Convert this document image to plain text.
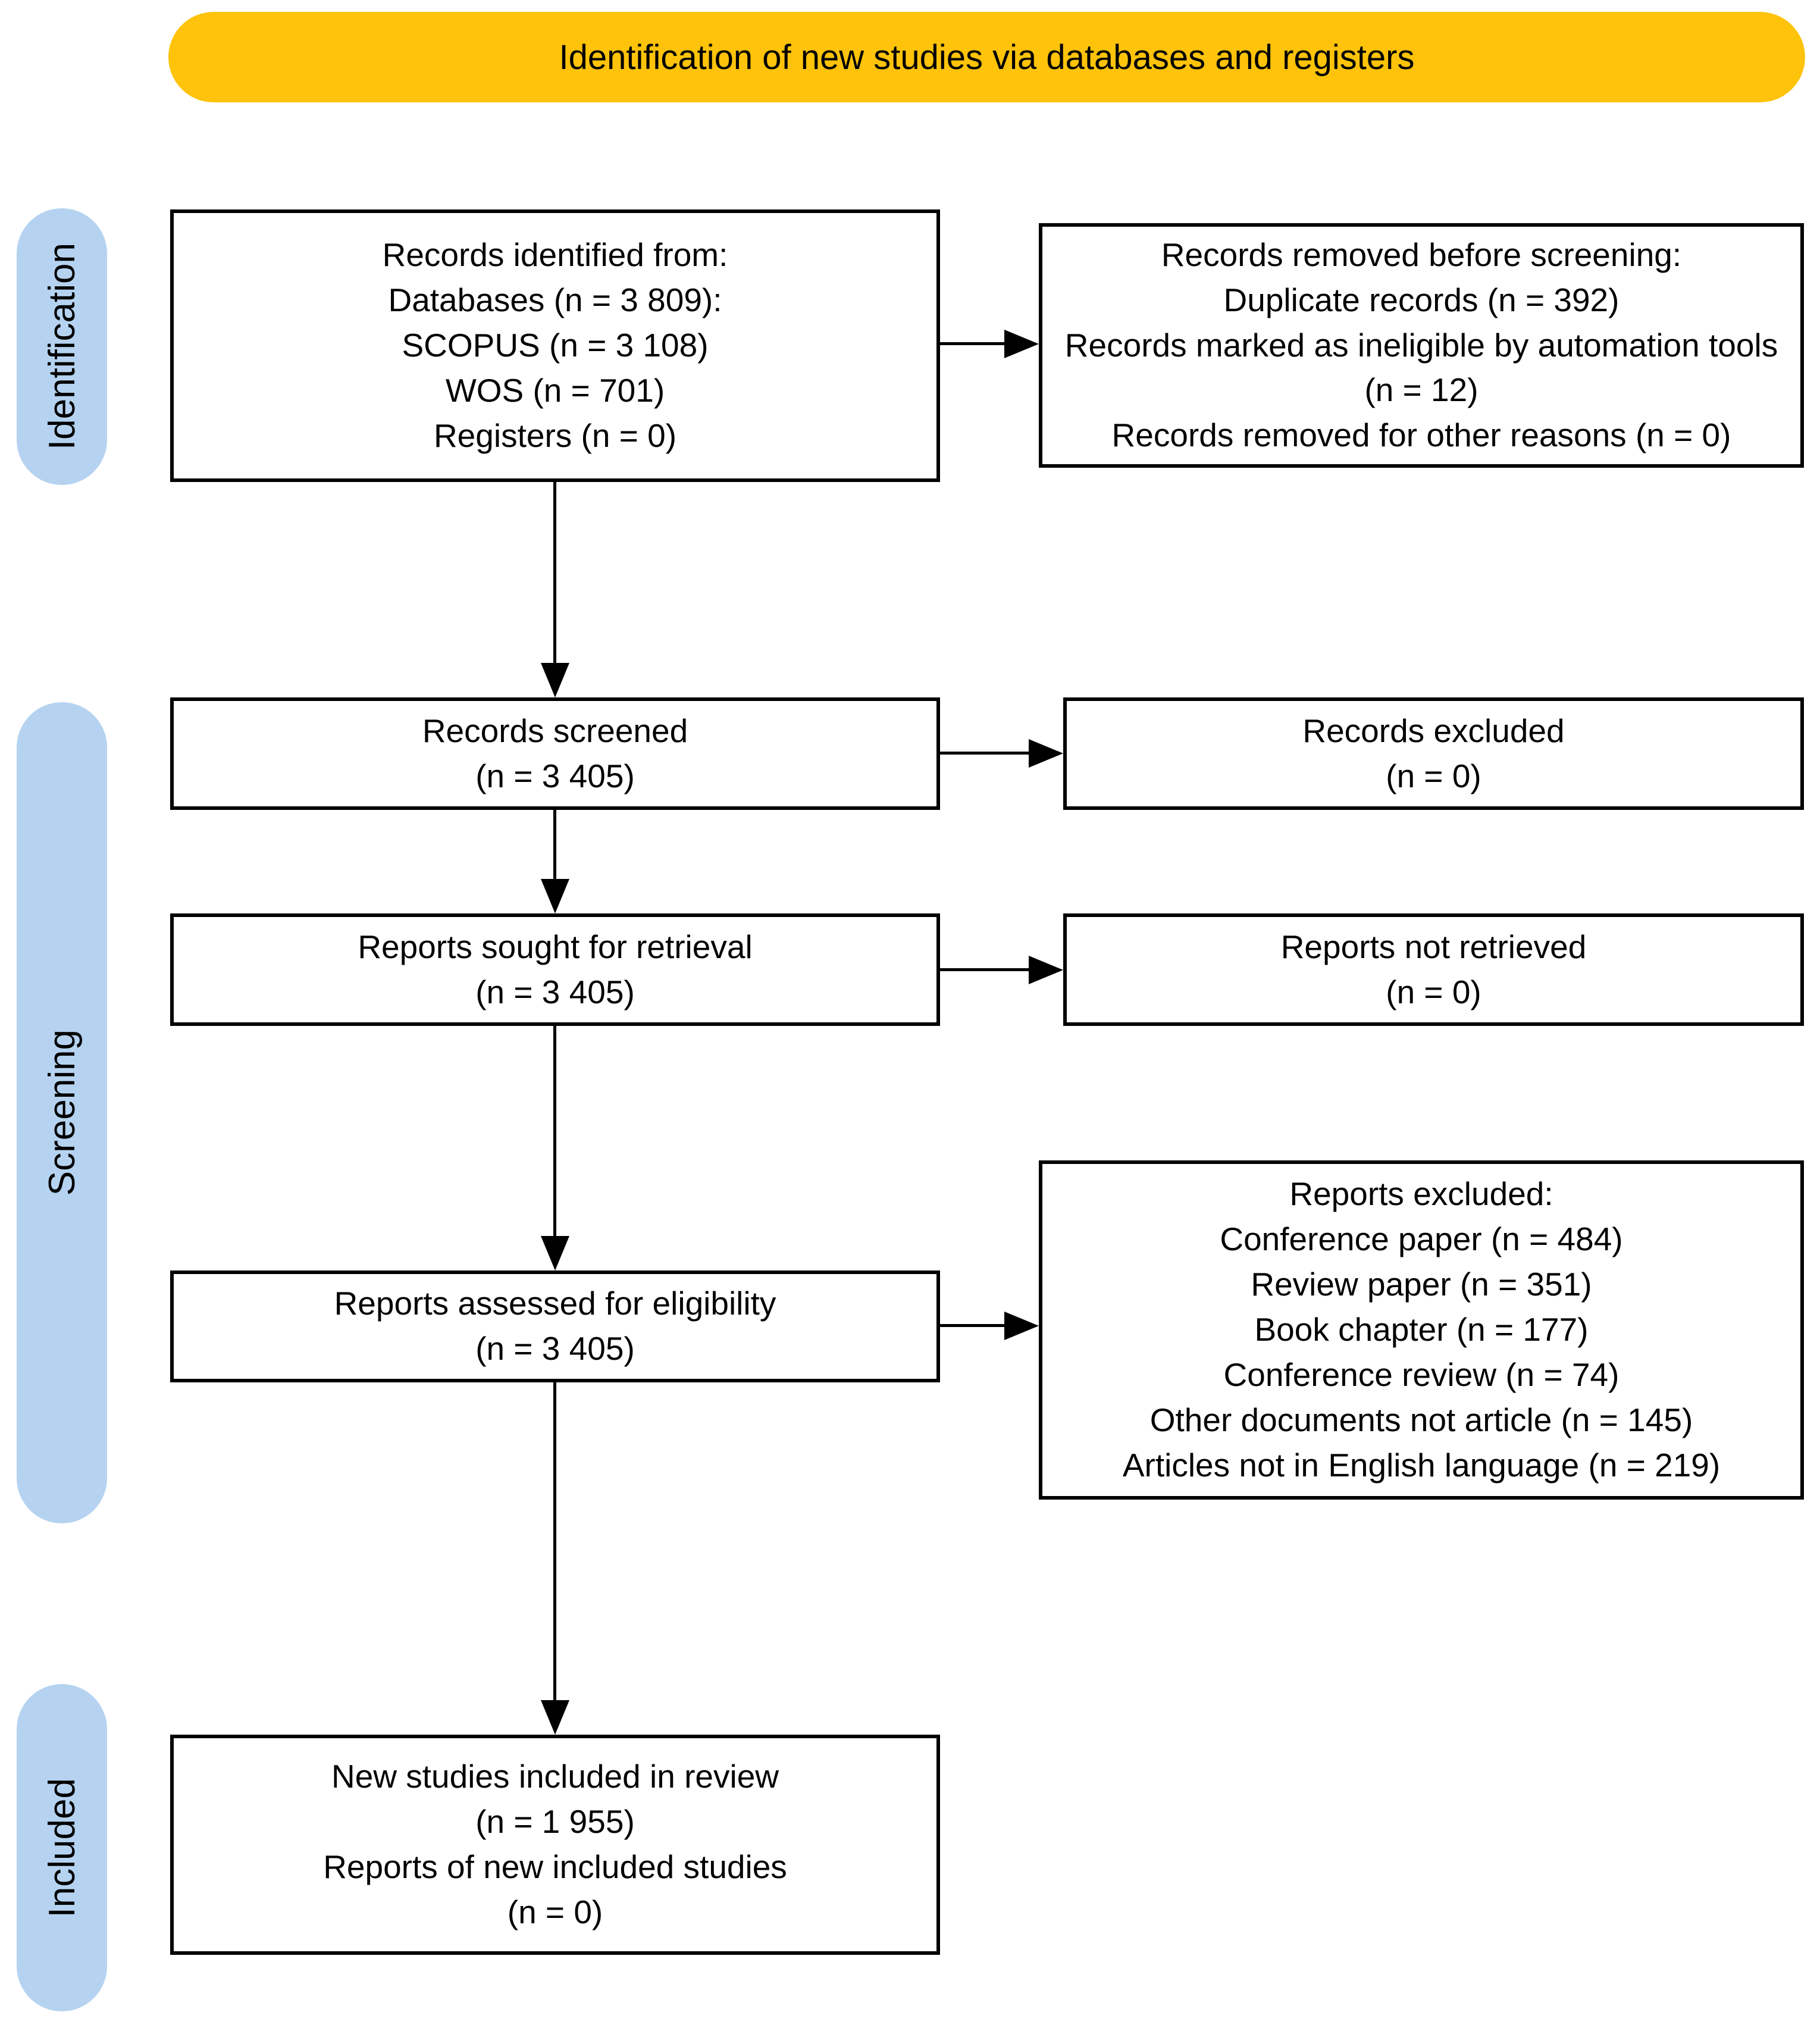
Identification of new studies via databases and registers
Identification
Screening
Included
Records identified from:
Databases (n = 3 809):
SCOPUS (n = 3 108)
WOS (n = 701)
Registers (n = 0)
Records removed before screening:
Duplicate records (n = 392)
Records marked as ineligible by automation tools (n = 12)
Records removed for other reasons (n = 0)
Records screened
(n = 3 405)
Records excluded
(n = 0)
Reports sought for retrieval
(n = 3 405)
Reports not retrieved
(n = 0)
Reports assessed for eligibility
(n = 3 405)
Reports excluded:
Conference paper (n = 484)
Review paper (n = 351)
Book chapter (n = 177)
Conference review (n = 74)
Other documents not article (n = 145)
Articles not in English language (n = 219)
New studies included in review
(n = 1 955)
Reports of new included studies
(n = 0)
